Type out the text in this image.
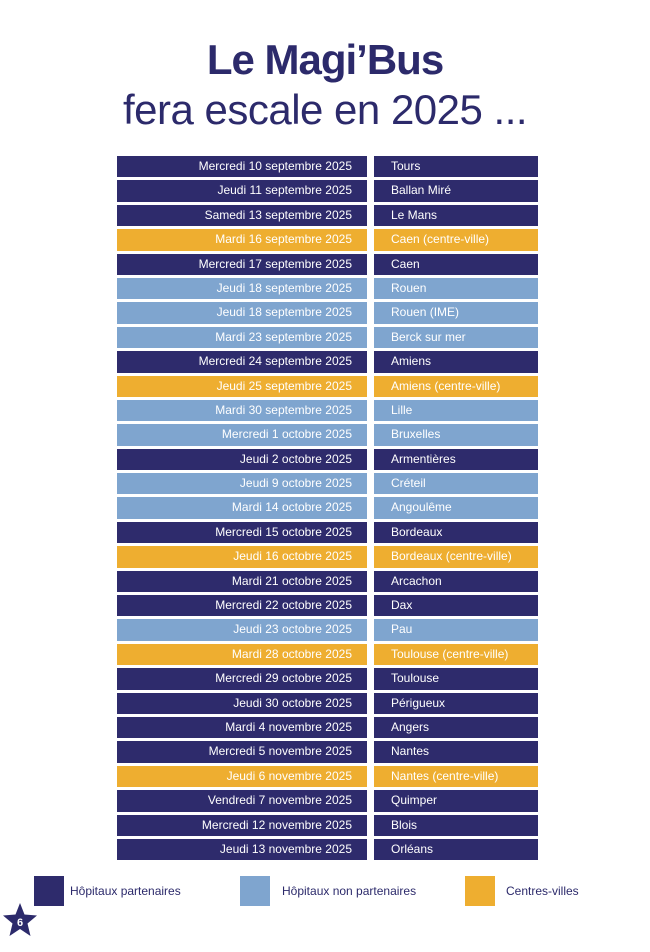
Le Magi’Bus
fera escale en 2025 ...
Mercredi 10 septembre 2025	Tours
Jeudi 11 septembre 2025	Ballan Miré
Samedi 13 septembre 2025	Le Mans
Mardi 16 septembre 2025	Caen (centre-ville)
Mercredi 17 septembre 2025	Caen
Jeudi 18 septembre 2025	Rouen
Jeudi 18 septembre 2025	Rouen (IME)
Mardi 23 septembre 2025	Berck sur mer
Mercredi 24 septembre 2025	Amiens
Jeudi 25 septembre 2025	Amiens (centre-ville)
Mardi 30 septembre 2025	Lille
Mercredi 1 octobre 2025	Bruxelles
Jeudi 2 octobre 2025	Armentières
Jeudi 9 octobre 2025	Créteil
Mardi 14 octobre 2025	Angoulême
Mercredi 15 octobre 2025	Bordeaux
Jeudi 16 octobre 2025	Bordeaux (centre-ville)
Mardi 21 octobre 2025	Arcachon
Mercredi 22 octobre 2025	Dax
Jeudi 23 octobre 2025	Pau
Mardi 28 octobre 2025	Toulouse (centre-ville)
Mercredi 29 octobre 2025	Toulouse
Jeudi 30 octobre 2025	Périgueux
Mardi 4 novembre 2025	Angers
Mercredi 5 novembre 2025	Nantes
Jeudi 6 novembre 2025	Nantes (centre-ville)
Vendredi 7 novembre 2025	Quimper
Mercredi 12 novembre 2025	Blois
Jeudi 13 novembre 2025	Orléans
Hôpitaux partenaires	Hôpitaux non partenaires	Centres-villes
6
